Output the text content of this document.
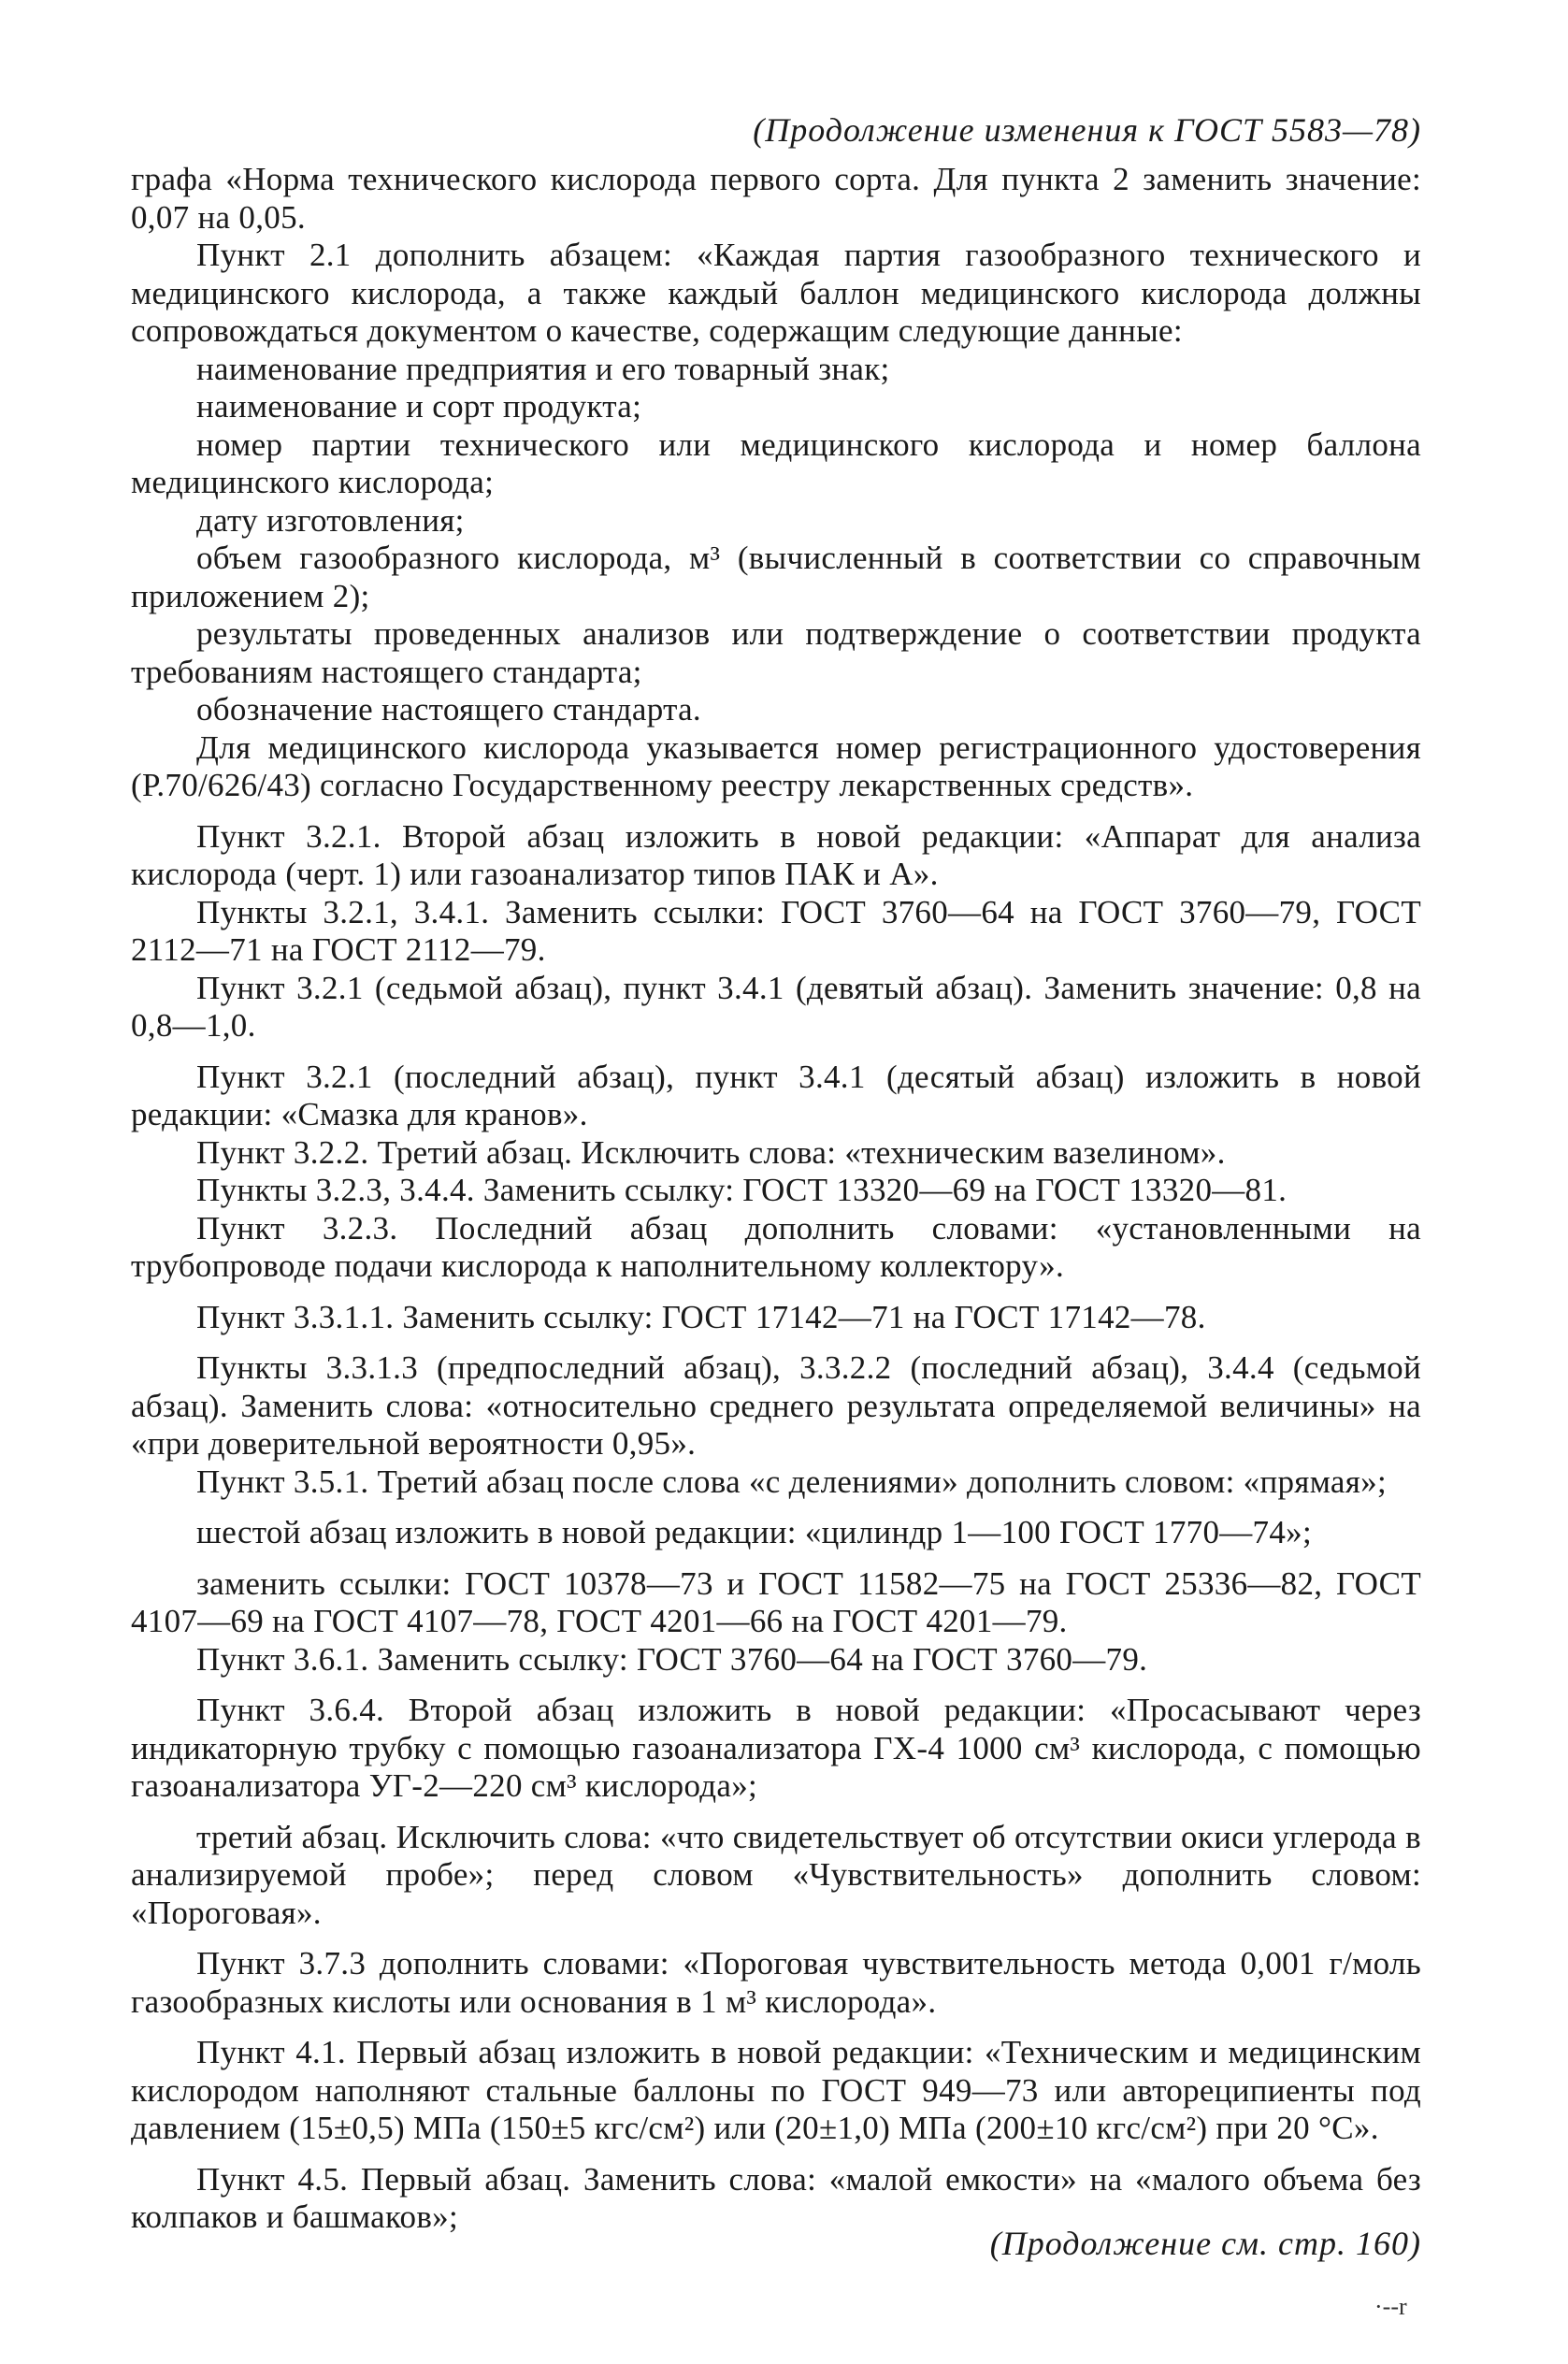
(Продолжение изменения к ГОСТ 5583—78)

графа «Норма технического кислорода первого сорта. Для пункта 2 заменить значение: 0,07 на 0,05.

Пункт 2.1 дополнить абзацем: «Каждая партия газообразного технического и медицинского кислорода, а также каждый баллон медицинского кислорода должны сопровождаться документом о качестве, содержащим следующие данные:

наименование предприятия и его товарный знак;

наименование и сорт продукта;

номер партии технического или медицинского кислорода и номер баллона медицинского кислорода;

дату изготовления;

объем газообразного кислорода, м³ (вычисленный в соответствии со справочным приложением 2);

результаты проведенных анализов или подтверждение о соответствии продукта требованиям настоящего стандарта;

обозначение настоящего стандарта.

Для медицинского кислорода указывается номер регистрационного удостоверения (Р.70/626/43) согласно Государственному реестру лекарственных средств».

Пункт 3.2.1. Второй абзац изложить в новой редакции: «Аппарат для анализа кислорода (черт. 1) или газоанализатор типов ПАК и А».

Пункты 3.2.1, 3.4.1. Заменить ссылки: ГОСТ 3760—64 на ГОСТ 3760—79, ГОСТ 2112—71 на ГОСТ 2112—79.

Пункт 3.2.1 (седьмой абзац), пункт 3.4.1 (девятый абзац). Заменить значение: 0,8 на 0,8—1,0.

Пункт 3.2.1 (последний абзац), пункт 3.4.1 (десятый абзац) изложить в новой редакции: «Смазка для кранов».

Пункт 3.2.2. Третий абзац. Исключить слова: «техническим вазелином».

Пункты 3.2.3, 3.4.4. Заменить ссылку: ГОСТ 13320—69 на ГОСТ 13320—81.

Пункт 3.2.3. Последний абзац дополнить словами: «установленными на трубопроводе подачи кислорода к наполнительному коллектору».

Пункт 3.3.1.1. Заменить ссылку: ГОСТ 17142—71 на ГОСТ 17142—78.

Пункты 3.3.1.3 (предпоследний абзац), 3.3.2.2 (последний абзац), 3.4.4 (седьмой абзац). Заменить слова: «относительно среднего результата определяемой величины» на «при доверительной вероятности 0,95».

Пункт 3.5.1. Третий абзац после слова «с делениями» дополнить словом: «прямая»;

шестой абзац изложить в новой редакции: «цилиндр 1—100 ГОСТ 1770—74»;

заменить ссылки: ГОСТ 10378—73 и ГОСТ 11582—75 на ГОСТ 25336—82, ГОСТ 4107—69 на ГОСТ 4107—78, ГОСТ 4201—66 на ГОСТ 4201—79.

Пункт 3.6.1. Заменить ссылку: ГОСТ 3760—64 на ГОСТ 3760—79.

Пункт 3.6.4. Второй абзац изложить в новой редакции: «Просасывают через индикаторную трубку с помощью газоанализатора ГХ-4 1000 см³ кислорода, с помощью газоанализатора УГ-2—220 см³ кислорода»;

третий абзац. Исключить слова: «что свидетельствует об отсутствии окиси углерода в анализируемой пробе»; перед словом «Чувствительность» дополнить словом: «Пороговая».

Пункт 3.7.3 дополнить словами: «Пороговая чувствительность метода 0,001 г/моль газообразных кислоты или основания в 1 м³ кислорода».

Пункт 4.1. Первый абзац изложить в новой редакции: «Техническим и медицинским кислородом наполняют стальные баллоны по ГОСТ 949—73 или автореципиенты под давлением (15±0,5) МПа (150±5 кгс/см²) или (20±1,0) МПа (200±10 кгс/см²) при 20 °С».

Пункт 4.5. Первый абзац. Заменить слова: «малой емкости» на «малого объема без колпаков и башмаков»;

(Продолжение см. стр. 160)
·--r
